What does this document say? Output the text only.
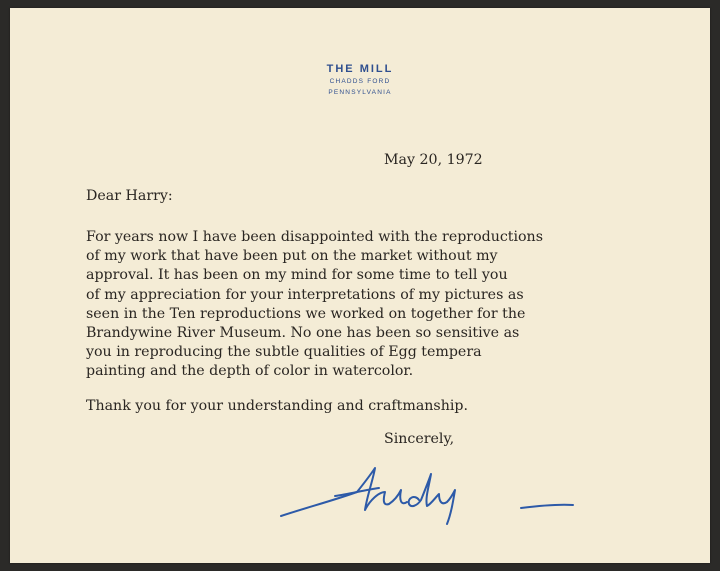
THE MILL
CHADDS FORD
PENNSYLVANIA
May 20, 1972
Dear Harry:
For years now I have been disappointed with the reproductions
of my work that have been put on the market without my
approval. It has been on my mind for some time to tell you
of my appreciation for your interpretations of my pictures as
seen in the Ten reproductions we worked on together for the
Brandywine River Museum. No one has been so sensitive as
you in reproducing the subtle qualities of Egg tempera
painting and the depth of color in watercolor.
Thank you for your understanding and craftmanship.
Sincerely,
